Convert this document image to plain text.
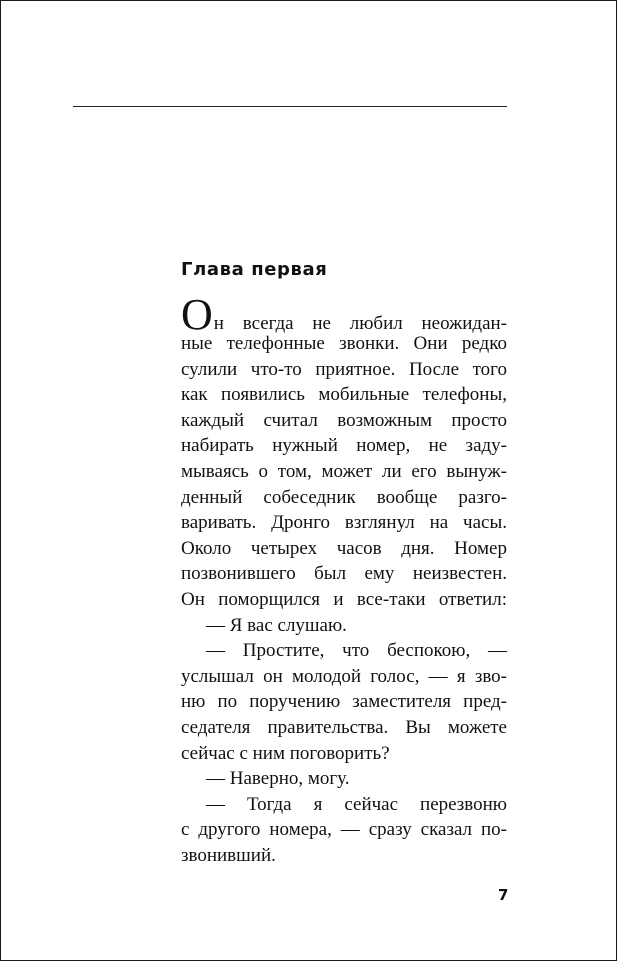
Глава первая
Он всегда не любил неожидан-
ные телефонные звонки. Они редко
сулили что-то приятное. После того
как появились мобильные телефоны,
каждый считал возможным просто
набирать нужный номер, не заду-
мываясь о том, может ли его вынуж-
денный собеседник вообще разго-
варивать. Дронго взглянул на часы.
Около четырех часов дня. Номер
позвонившего был ему неизвестен.
Он поморщился и все-таки ответил:
— Я вас слушаю.
— Простите, что беспокою, —
услышал он молодой голос, — я зво-
ню по поручению заместителя пред-
седателя правительства. Вы можете
сейчас с ним поговорить?
— Наверно, могу.
— Тогда я сейчас перезвоню
с другого номера, — сразу сказал по-
звонивший.
7
